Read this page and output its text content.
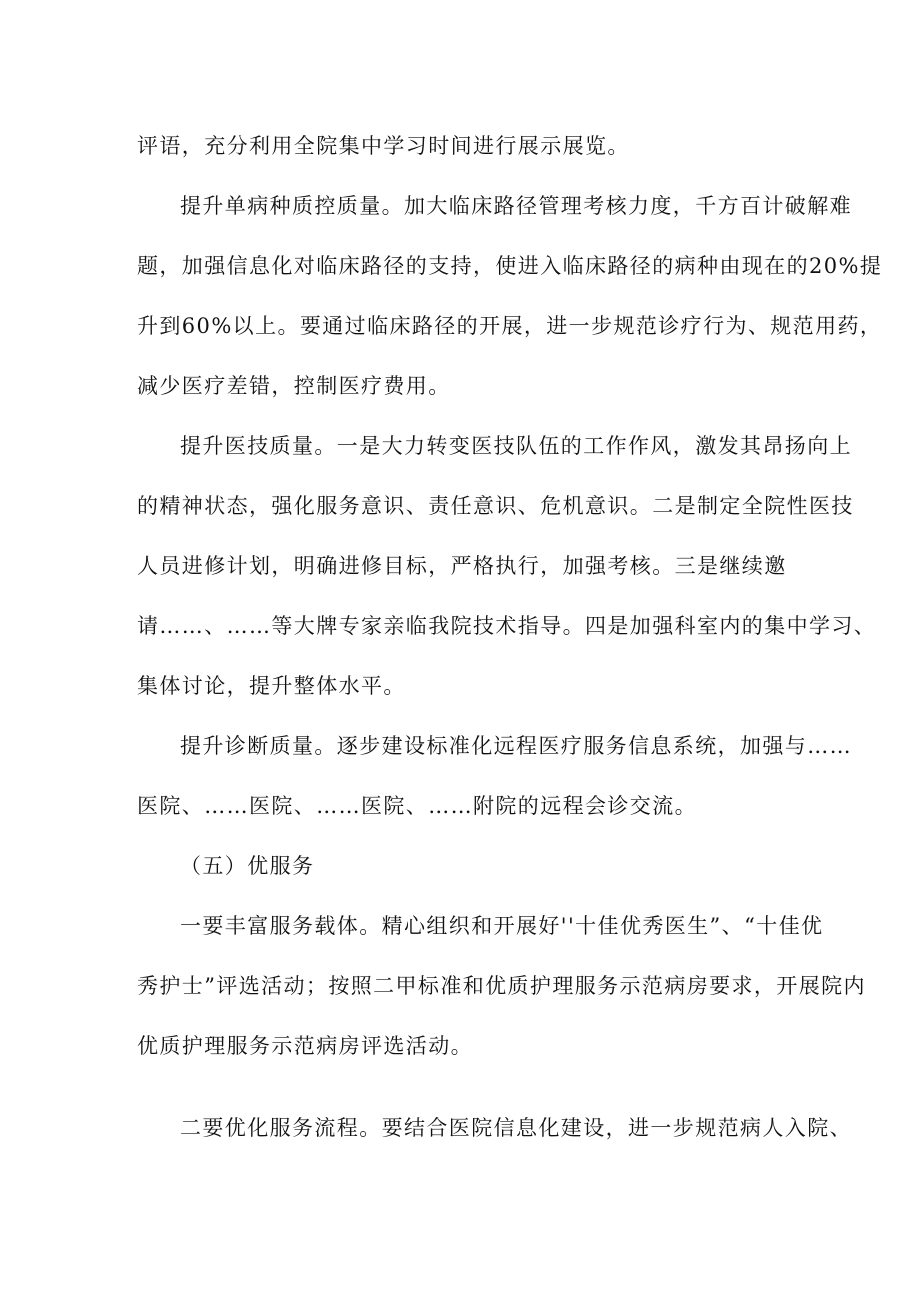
评语，充分利用全院集中学习时间进行展示展览。
提升单病种质控质量。加大临床路径管理考核力度，千方百计破解难
题，加强信息化对临床路径的支持，使进入临床路径的病种由现在的20%提
升到60%以上。要通过临床路径的开展，进一步规范诊疗行为、规范用药，
减少医疗差错，控制医疗费用。
提升医技质量。一是大力转变医技队伍的工作作风，激发其昂扬向上
的精神状态，强化服务意识、责任意识、危机意识。二是制定全院性医技
人员进修计划，明确进修目标，严格执行，加强考核。三是继续邀
请……、……等大牌专家亲临我院技术指导。四是加强科室内的集中学习、
集体讨论，提升整体水平。
提升诊断质量。逐步建设标准化远程医疗服务信息系统，加强与……
医院、……医院、……医院、……附院的远程会诊交流。
（五）优服务
一要丰富服务载体。精心组织和开展好''十佳优秀医生”、“十佳优
秀护士”评选活动；按照二甲标准和优质护理服务示范病房要求，开展院内
优质护理服务示范病房评选活动。
二要优化服务流程。要结合医院信息化建设，进一步规范病人入院、
